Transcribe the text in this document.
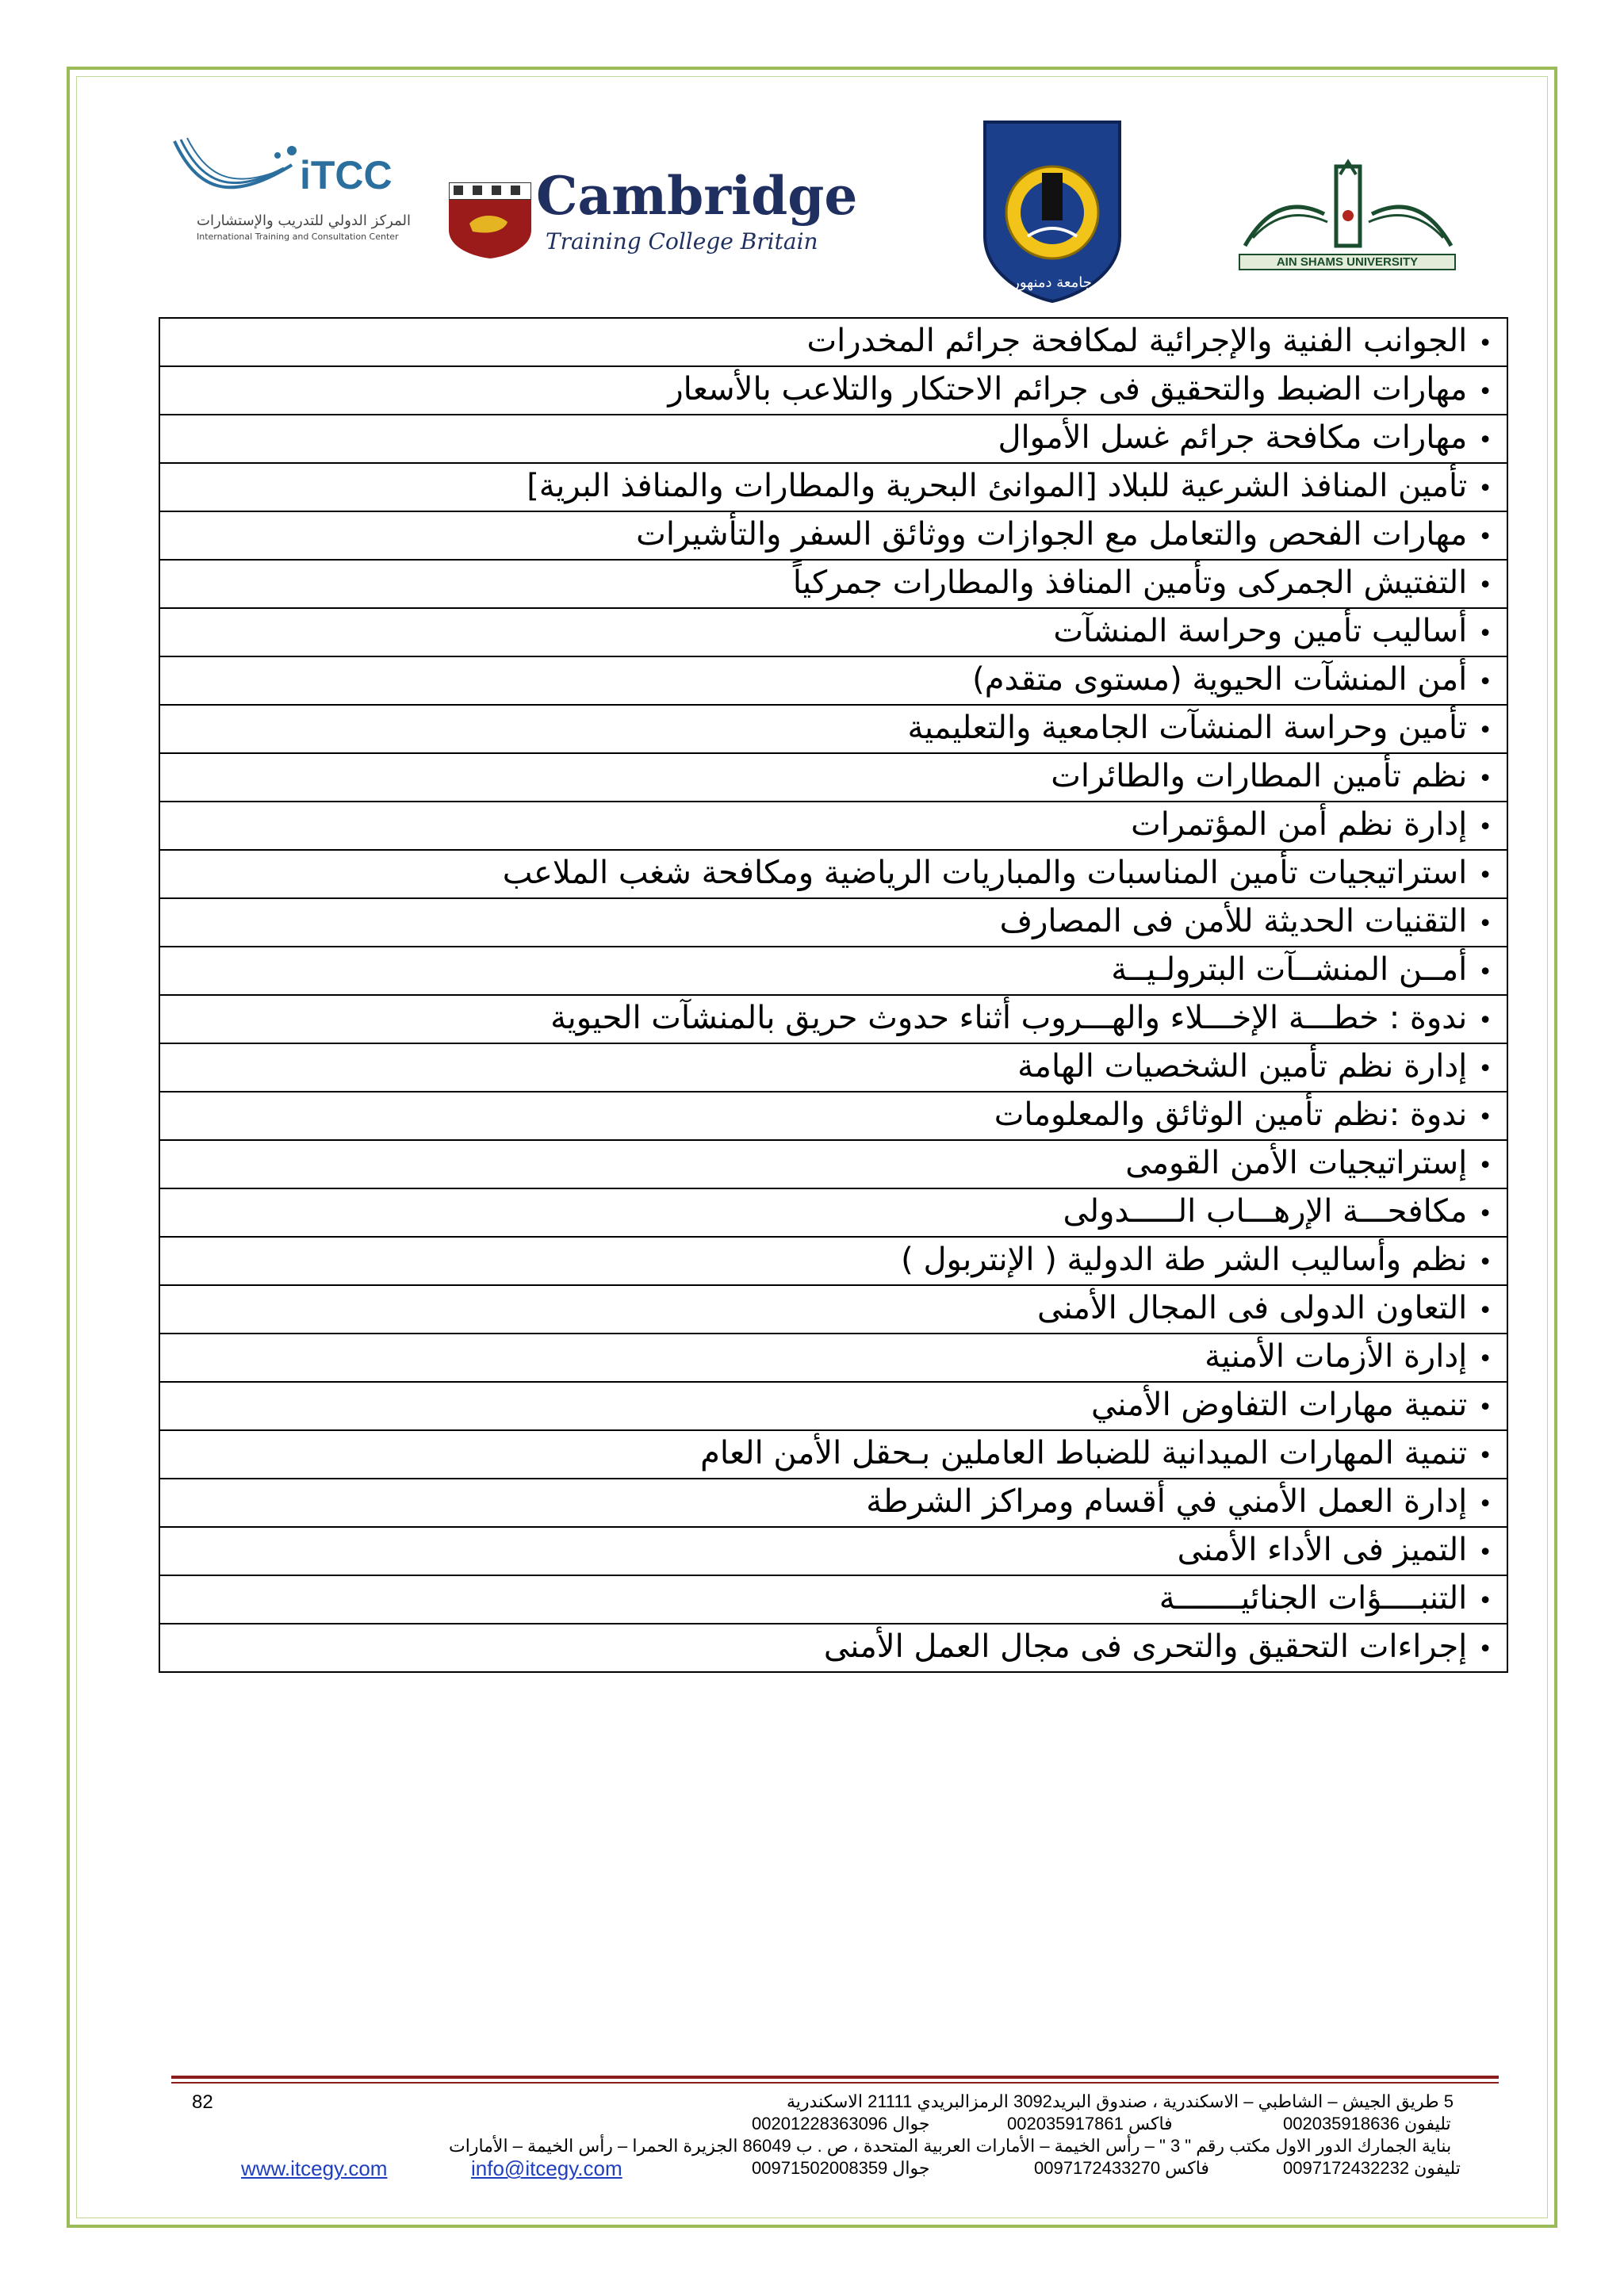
iTCC
المركز الدولي للتدريب والإستشارات
International Training and Consultation Center
Cambridge
Training College Britain
جامعة دمنهور
AIN SHAMS UNIVERSITY
•الجوانب الفنية والإجرائية لمكافحة جرائم المخدرات
•مهارات الضبط والتحقيق فى جرائم الاحتكار والتلاعب بالأسعار
•مهارات مكافحة جرائم غسل الأموال
•تأمين المنافذ الشرعية للبلاد [الموانئ البحرية والمطارات والمنافذ البرية]
•مهارات الفحص والتعامل مع الجوازات ووثائق السفر والتأشيرات
•التفتيش الجمركى وتأمين المنافذ والمطارات جمركياً
•أساليب تأمين وحراسة المنشآت
•أمن المنشآت الحيوية (مستوى متقدم)
•تأمين وحراسة المنشآت الجامعية والتعليمية
•نظم تأمين المطارات والطائرات
•إدارة نظم أمن المؤتمرات
•استراتيجيات تأمين المناسبات والمباريات الرياضية ومكافحة شغب الملاعب
•التقنيات الحديثة للأمن فى المصارف
•أمــن المنشــآت البترولـيــة
•ندوة : خطـــة الإخـــلاء والهـــروب أثناء حدوث حريق بالمنشآت الحيوية
•إدارة نظم تأمين الشخصيات الهامة
•ندوة :نظم تأمين الوثائق والمعلومات
•إستراتيجيات الأمن القومى
•مكافحـــة الإرهـــاب الـــــدولى
•نظم وأساليب الشر طة الدولية ( الإنتربول )
•التعاون الدولى فى المجال الأمنى
•إدارة الأزمات الأمنية
•تنمية مهارات التفاوض الأمني
•تنمية المهارات الميدانية للضباط العاملين بـحقل الأمن العام
•إدارة العمل الأمني في أقسام ومراكز الشرطة
•التميز فى الأداء الأمنى
•التنبــــؤات الجنائيـــــــة
•إجراءات التحقيق والتحرى فى مجال العمل الأمنى
82	5 طريق الجيش – الشاطبي – الاسكندرية ، صندوق البريد3092 الرمزالبريدي 21111 الاسكندرية
تليفون 002035918636
فاكس 002035917861
جوال 00201228363096
بناية الجمارك الدور الاول مكتب رقم " 3 " – رأس الخيمة – الأمارات العربية المتحدة ، ص . ب 86049 الجزيرة الحمرا – رأس الخيمة – الأمارات
تليفون 0097172432232
فاكس 0097172433270
جوال 00971502008359
info@itcegy.com
www.itcegy.com
